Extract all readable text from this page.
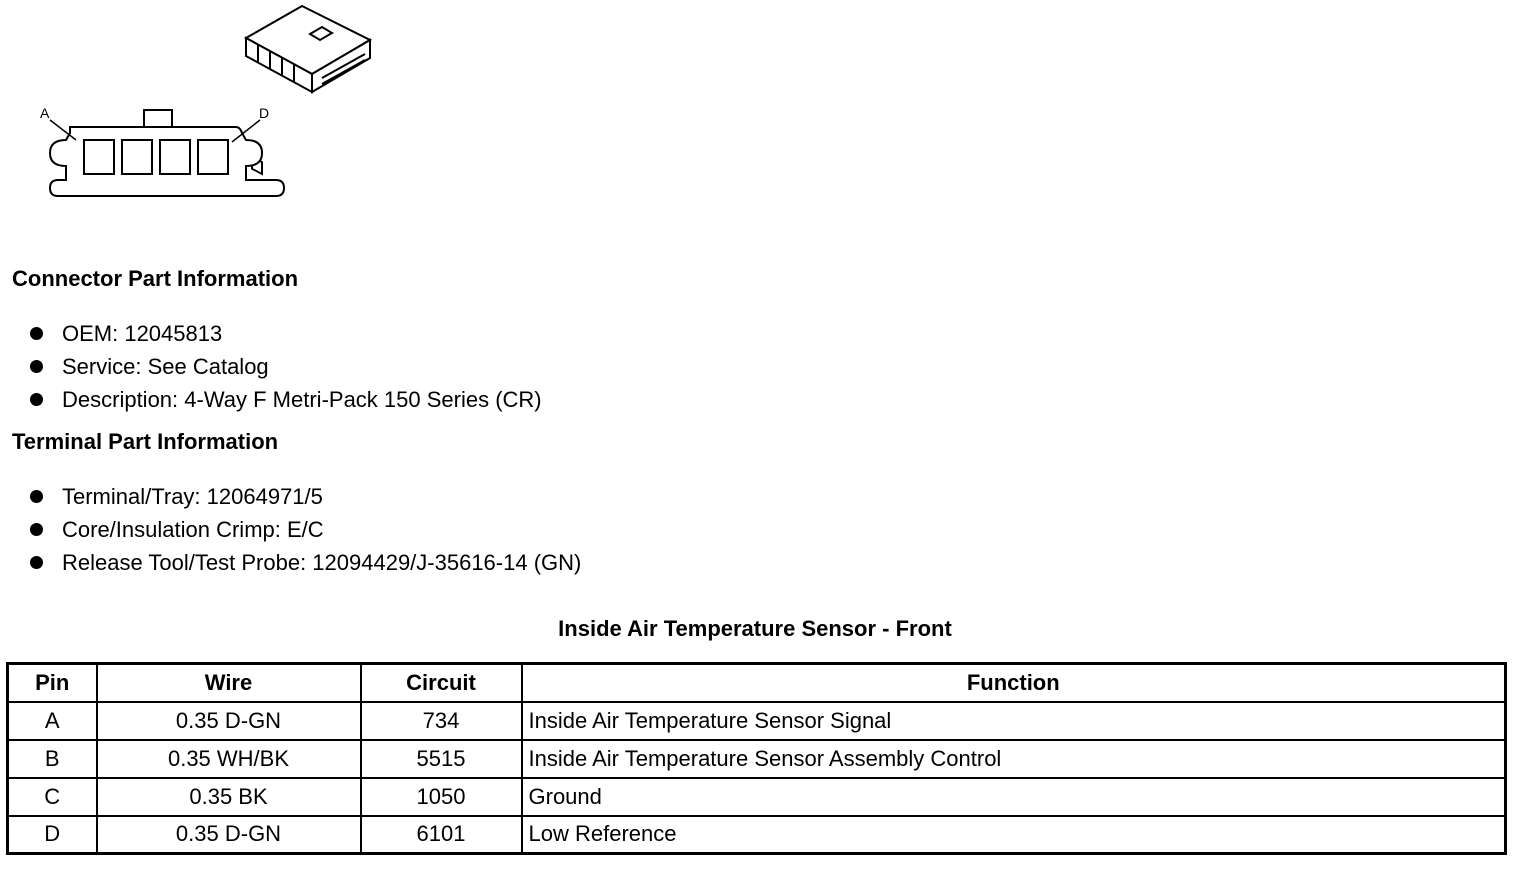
A	D
Connector Part Information
OEM: 12045813
Service: See Catalog
Description: 4-Way F Metri-Pack 150 Series (CR)
Terminal Part Information
Terminal/Tray: 12064971/5
Core/Insulation Crimp: E/C
Release Tool/Test Probe: 12094429/J-35616-14 (GN)
Inside Air Temperature Sensor - Front
Pin	Wire	Circuit	Function
A	0.35 D-GN	734	Inside Air Temperature Sensor Signal
B	0.35 WH/BK	5515	Inside Air Temperature Sensor Assembly Control
C	0.35 BK	1050	Ground
D	0.35 D-GN	6101	Low Reference
